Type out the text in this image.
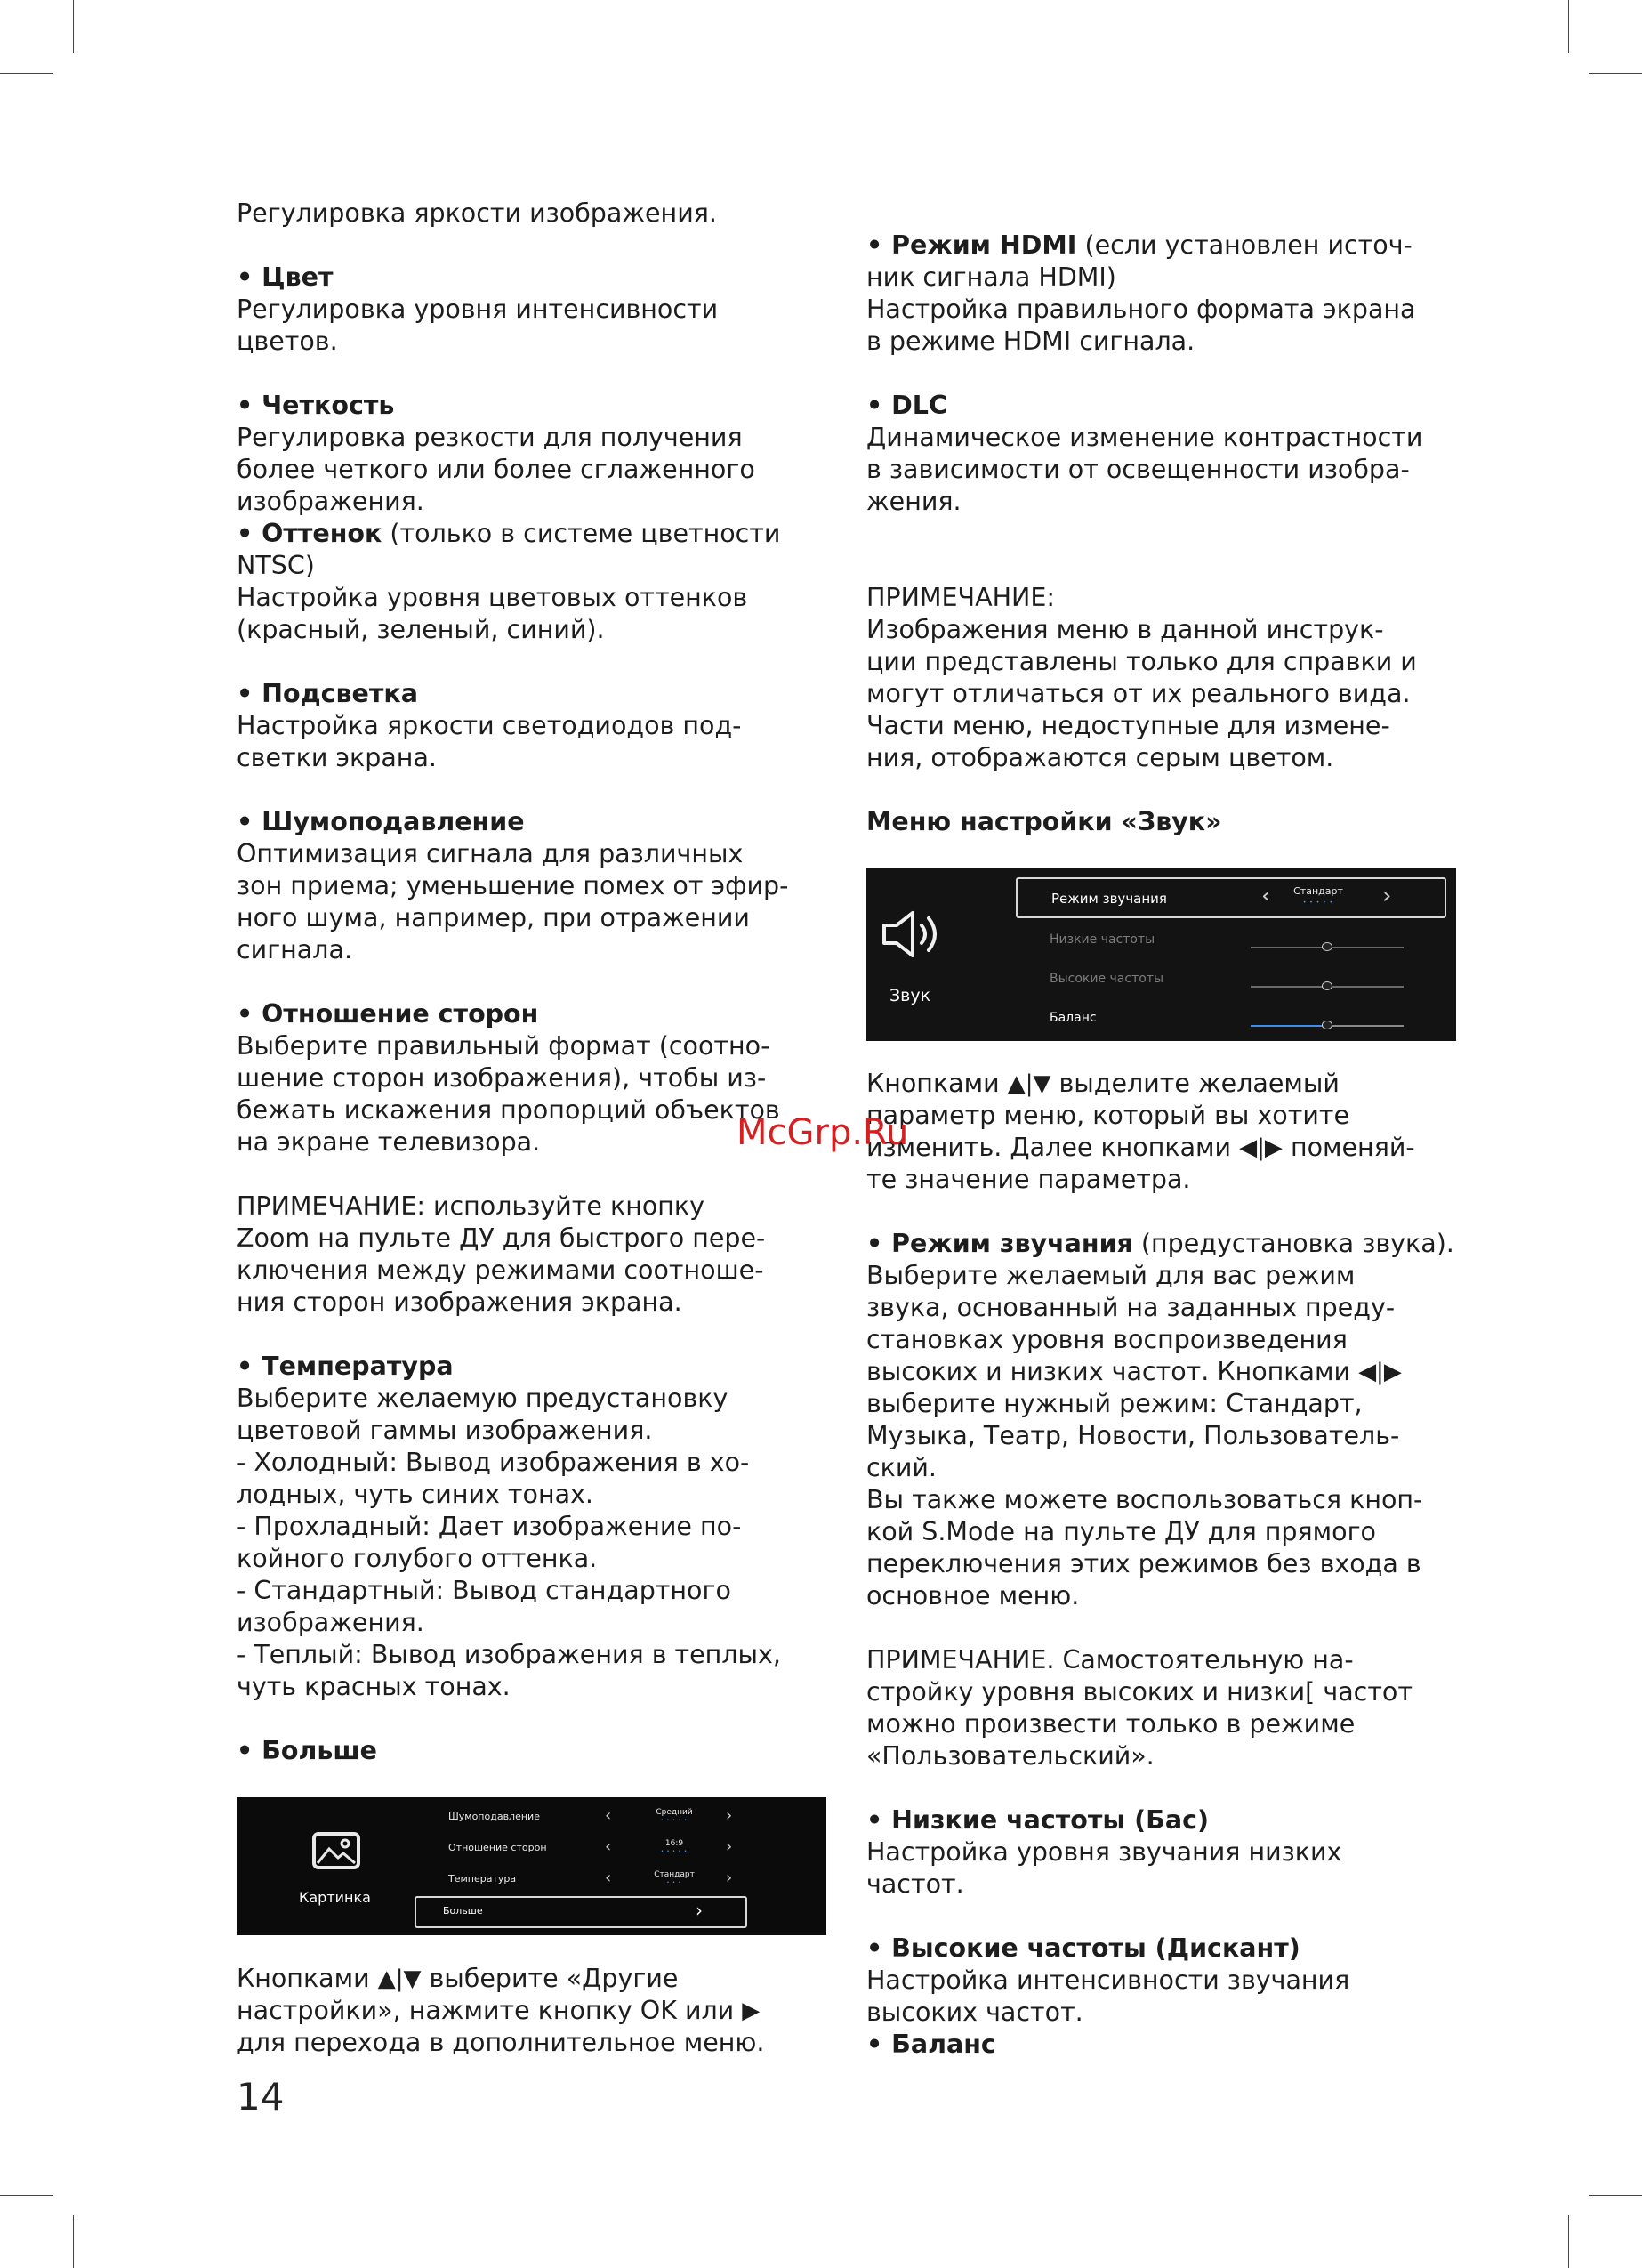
Регулировка яркости изображения.

• Цвет

Регулировка уровня интенсивности
цветов.

• Четкость

Регулировка резкости для получения
более четкого или более сглаженного
изображения.

• Оттенок (только в системе цветности
NTSC)

Настройка уровня цветовых оттенков
(красный, зеленый, синий).

• Подсветка

Настройка яркости светодиодов под-
светки экрана.

• Шумоподавление

Оптимизация сигнала для различных
зон приема; уменьшение помех от эфир-
ного шума, например, при отражении
сигнала.

• Отношение сторон

Выберите правильный формат (соотно-
шение сторон изображения), чтобы из-
бежать искажения пропорций объектов
на экране телевизора.

ПРИМЕЧАНИЕ: используйте кнопку
Zoom на пульте ДУ для быстрого пере-
ключения между режимами соотноше-
ния сторон изображения экрана.

• Температура

Выберите желаемую предустановку
цветовой гаммы изображения.
- Холодный: Вывод изображения в хо-
лодных, чуть синих тонах.
- Прохладный: Дает изображение по-
койного голубого оттенка.
- Стандартный: Вывод стандартного
изображения.
- Теплый: Вывод изображения в теплых,
чуть красных тонах.

• Больше

Картинка
Шумоподавление	‹	Средний
• • • • •	›
Отношение сторон	‹	16:9
• • • • •	›
Температура	‹	Стандарт
• • •	›
Больше	›

Кнопками ▲|▼ выберите «Другие
настройки», нажмите кнопку OK или ▶
для перехода в дополнительное меню.

14

• Режим HDMI (если установлен источ-
ник сигнала HDMI)

Настройка правильного формата экрана
в режиме HDMI сигнала.

• DLC

Динамическое изменение контрастности
в зависимости от освещенности изобра-
жения.

ПРИМЕЧАНИЕ:
Изображения меню в данной инструк-
ции представлены только для справки и
могут отличаться от их реального вида.
Части меню, недоступные для измене-
ния, отображаются серым цветом.

Меню настройки «Звук»

Звук
Режим звучания	‹	Стандарт
• • • • •	›
Низкие частоты
Высокие частоты
Баланс

Кнопками ▲|▼ выделите желаемый
параметр меню, который вы хотите
изменить. Далее кнопками ◀|▶ поменяй-
те значение параметра.

• Режим звучания (предустановка звука).

Выберите желаемый для вас режим
звука, основанный на заданных преду-
становках уровня воспроизведения
высоких и низких частот. Кнопками ◀|▶
выберите нужный режим: Стандарт,
Музыка, Театр, Новости, Пользователь-
ский.
Вы также можете воспользоваться кноп-
кой S.Mode на пульте ДУ для прямого
переключения этих режимов без входа в
основное меню.

ПРИМЕЧАНИЕ. Самостоятельную на-
стройку уровня высоких и низки[ частот
можно произвести только в режиме
«Пользовательский».

• Низкие частоты (Бас)

Настройка уровня звучания низких
частот.

• Высокие частоты (Дискант)

Настройка интенсивности звучания
высоких частот.

• Баланс

McGrp.Ru
